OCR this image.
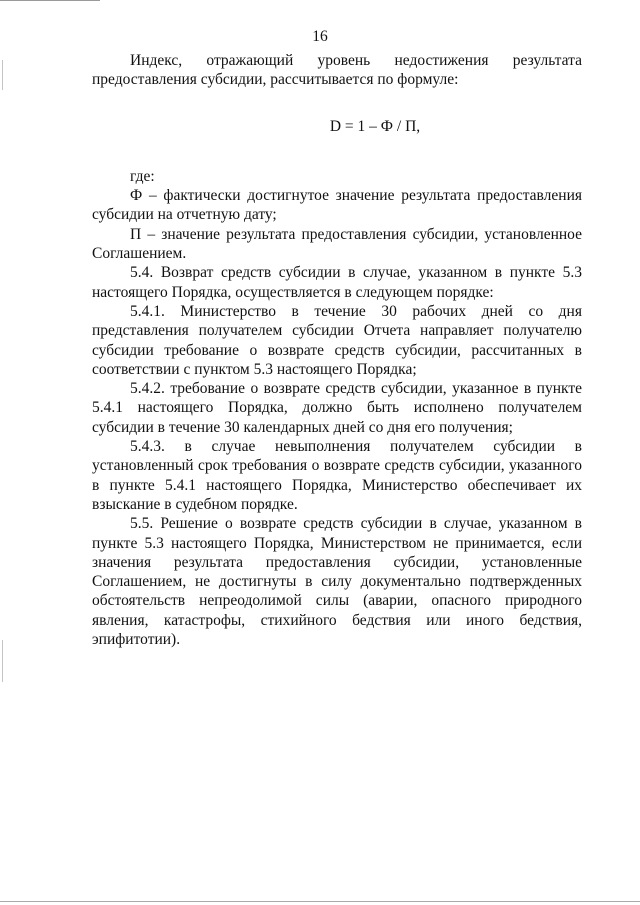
16
Индекс, отражающий уровень недостижения результата

предоставления субсидии, рассчитывается по формуле:

D = 1 – Ф / П,

где:

Ф – фактически достигнутое значение результата предоставления субсидии на отчетную дату;

П – значение результата предоставления субсидии, установленное Соглашением.

5.4. Возврат средств субсидии в случае, указанном в пункте 5.3 настоящего Порядка, осуществляется в следующем порядке:

5.4.1. Министерство в течение 30 рабочих дней со дня представления получателем субсидии Отчета направляет получателю субсидии требование о возврате средств субсидии, рассчитанных в соответствии с пунктом 5.3 настоящего Порядка;

5.4.2. требование о возврате средств субсидии, указанное в пункте 5.4.1 настоящего Порядка, должно быть исполнено получателем субсидии в течение 30 календарных дней со дня его получения;

5.4.3. в случае невыполнения получателем субсидии в установленный срок требования о возврате средств субсидии, указанного в пункте 5.4.1 настоящего Порядка, Министерство обеспечивает их взыскание в судебном порядке.

5.5. Решение о возврате средств субсидии в случае, указанном в пункте 5.3 настоящего Порядка, Министерством не принимается, если значения результата предоставления субсидии, установленные Соглашением, не достигнуты в силу документально подтвержденных обстоятельств непреодолимой силы (аварии, опасного природного явления, катастрофы, стихийного бедствия или иного бедствия, эпифитотии).
